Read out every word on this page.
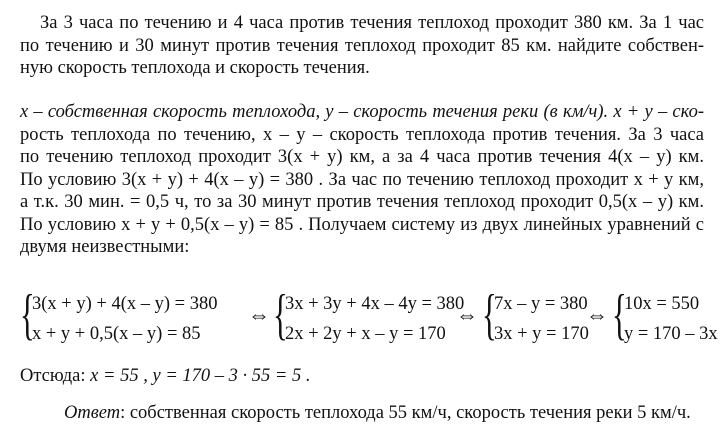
За 3 часа по течению и 4 часа против течения теплоход проходит 380 км. За 1 час
по течению и 30 минут против течения теплоход проходит 85 км. найдите собствен-
ную скорость теплохода и скорость течения.
x – собственная скорость теплохода, y – скорость течения реки (в км/ч). x + y – ско-
рость теплохода по течению, x – y – скорость теплохода против течения. За 3 часа
по течению теплоход проходит 3(x + y) км, а за 4 часа против течения 4(x – y) км.
По условию 3(x + y) + 4(x – y) = 380 . За час по течению теплоход проходит x + y км,
а т.к. 30 мин. = 0,5 ч, то за 30 минут против течения теплоход проходит 0,5(x – y) км.
По условию x + y + 0,5(x – y) = 85 . Получаем систему из двух линейных уравнений с
двумя неизвестными:
{
3(x + y) + 4(x – y) = 380
x + y + 0,5(x – y) = 85
⇔ {
3x + 3y + 4x – 4y = 380
2x + 2y + x – y = 170
⇔ {
7x – y = 380
3x + y = 170
⇔ {
10x = 550
y = 170 – 3x
Отсюда: x = 55 , y = 170 – 3 · 55 = 5 .
Ответ: собственная скорость теплохода 55 км/ч, скорость течения реки 5 км/ч.
